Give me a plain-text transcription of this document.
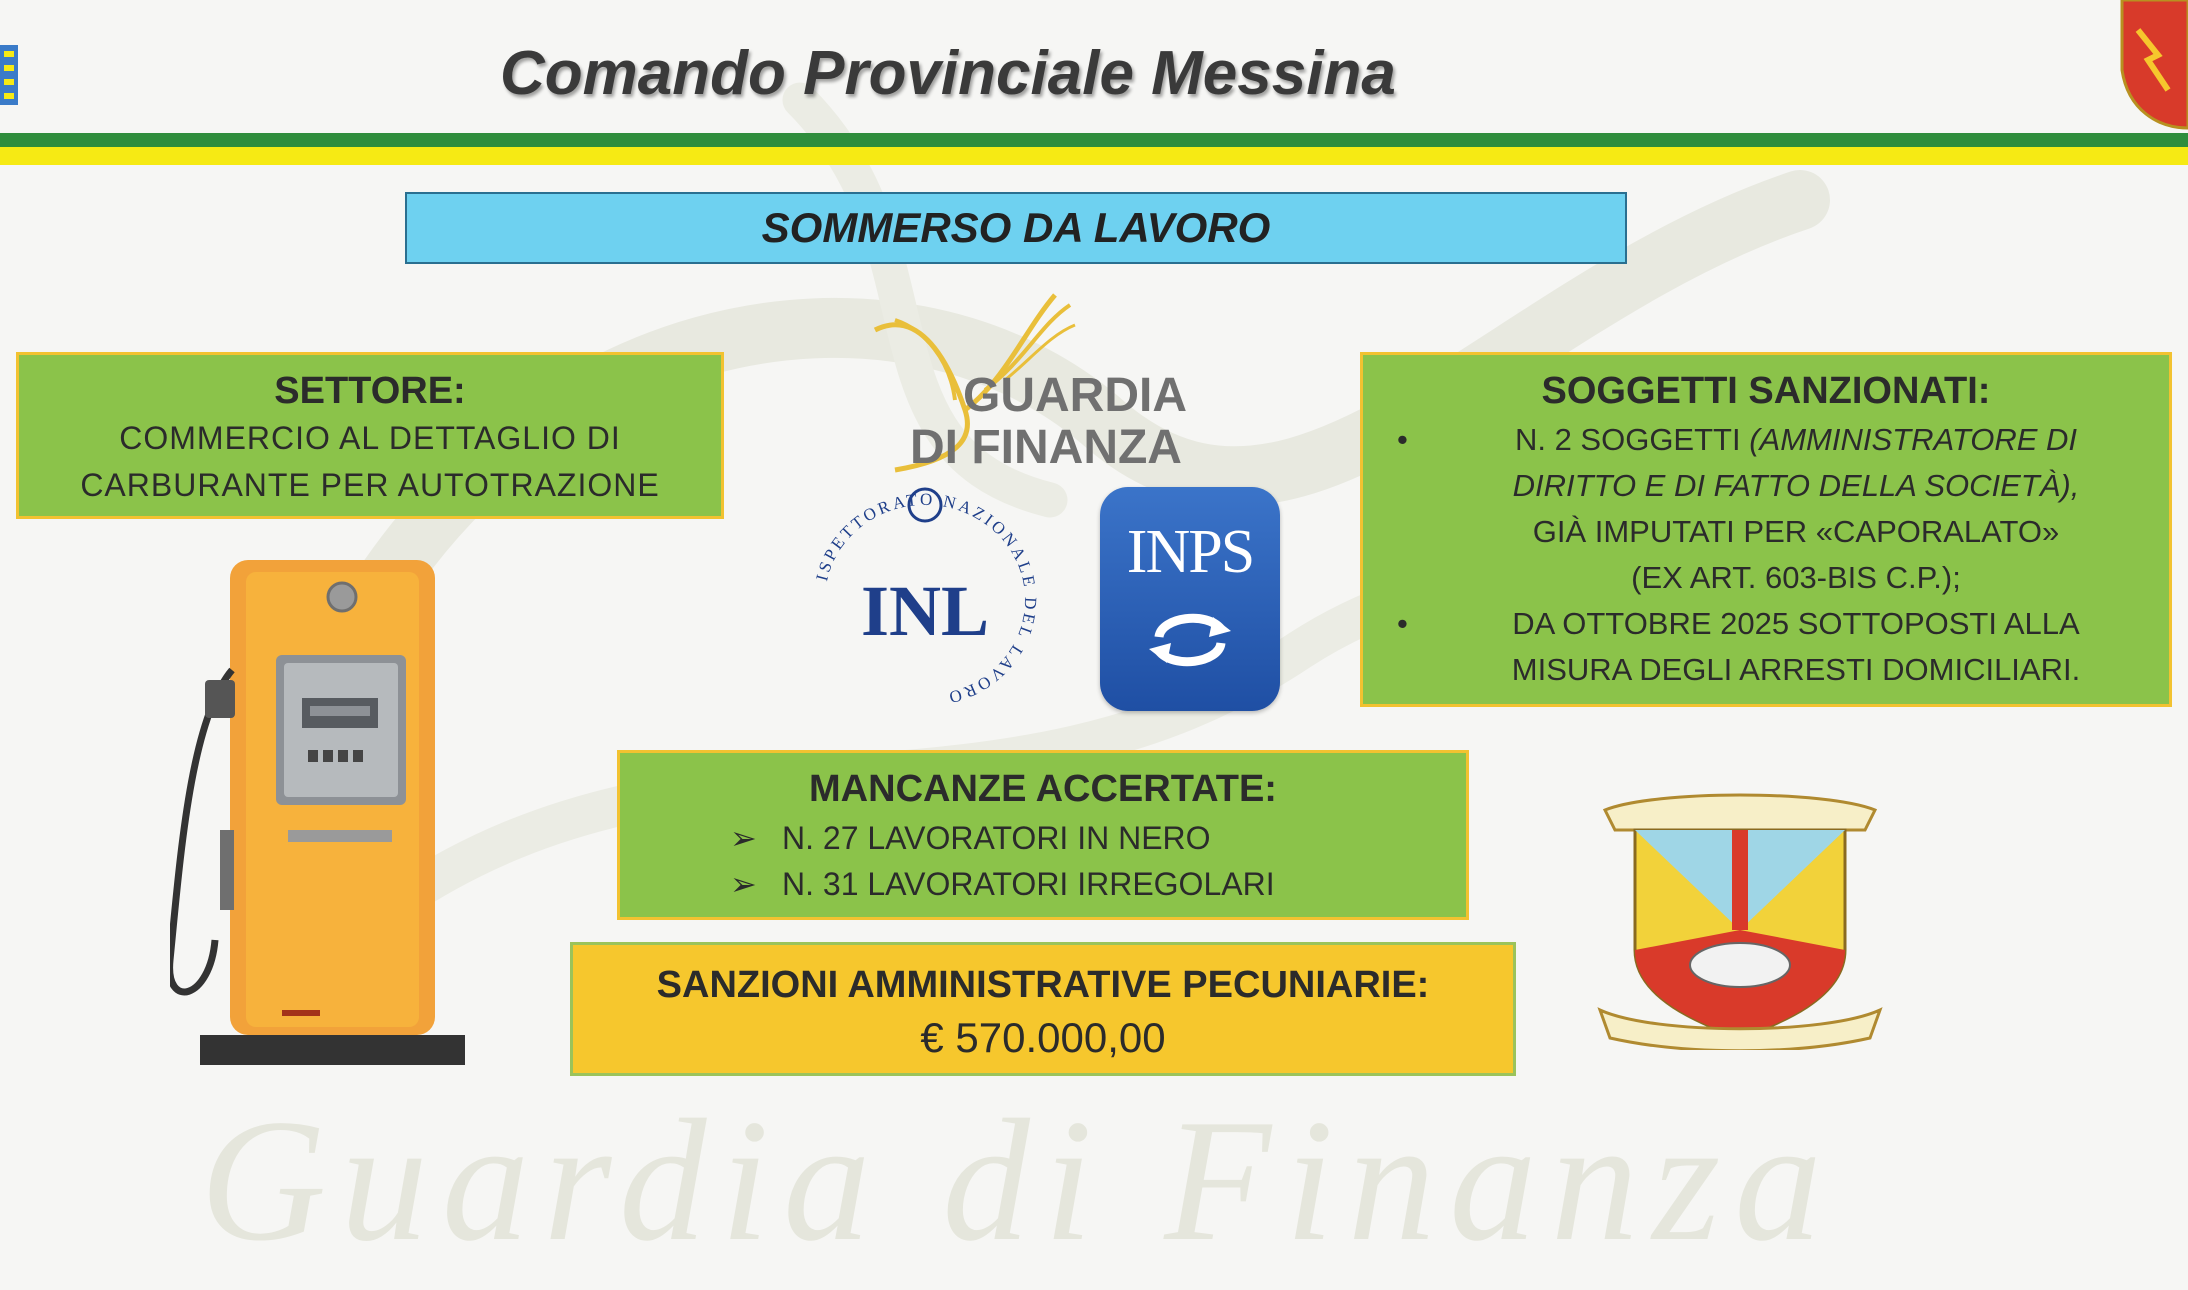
Guardia di Finanza
Comando Provinciale Messina
SOMMERSO DA LAVORO
SETTORE:
COMMERCIO AL DETTAGLIO DI
CARBURANTE PER AUTOTRAZIONE
SOGGETTI SANZIONATI:
•	N. 2 SOGGETTI (AMMINISTRATORE DI
DIRITTO E DI FATTO DELLA SOCIETÀ),
GIÀ IMPUTATI PER «CAPORALATO»
(EX ART. 603-BIS C.P.);
•	DA OTTOBRE 2025 SOTTOPOSTI ALLA
MISURA DEGLI ARRESTI DOMICILIARI.
GUARDIA
DI FINANZA
ISPETTORATO NAZIONALE DEL LAVORO
INL
INPS
MANCANZE ACCERTATE:
➢ N. 27 LAVORATORI IN NERO
➢ N. 31 LAVORATORI IRREGOLARI
SANZIONI AMMINISTRATIVE PECUNIARIE:
€ 570.000,00
